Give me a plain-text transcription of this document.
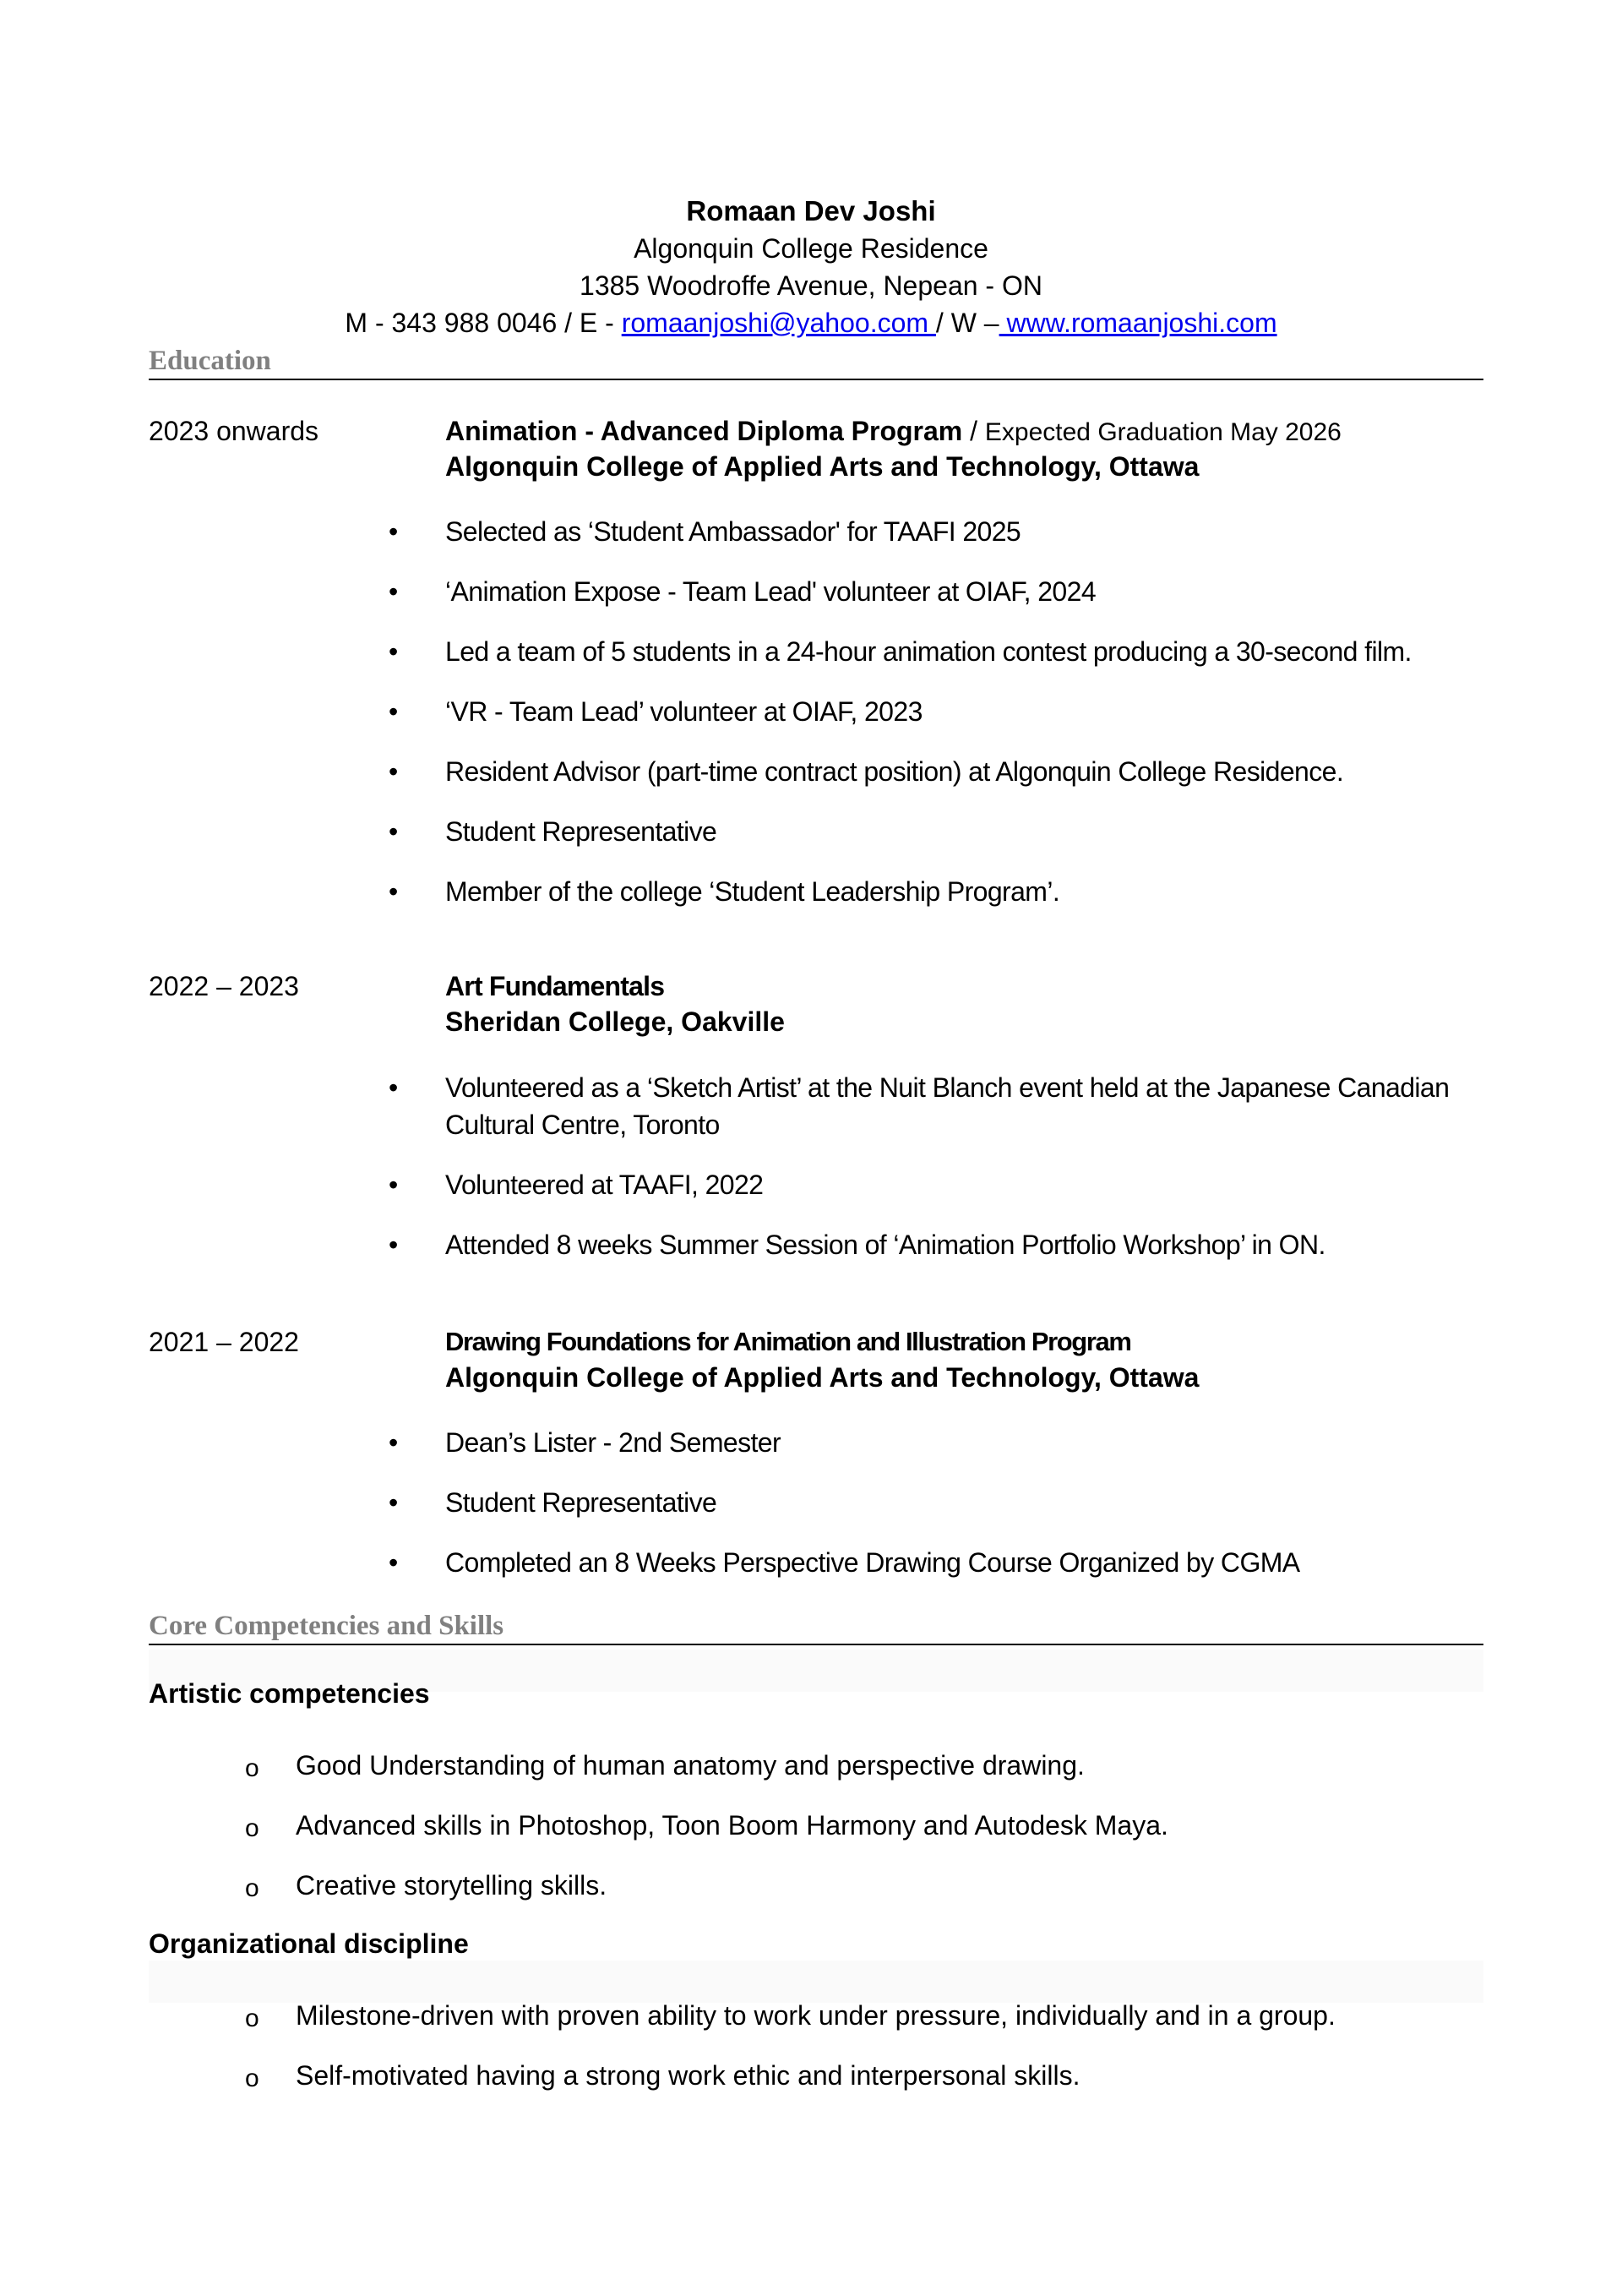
Romaan Dev Joshi
Algonquin College Residence
1385 Woodroffe Avenue, Nepean - ON
M - 343 988 0046 / E - romaanjoshi@yahoo.com / W – www.romaanjoshi.com
Education
2023 onwards	Animation - Advanced Diploma Program / Expected Graduation May 2026
Algonquin College of Applied Arts and Technology, Ottawa
•	Selected as ‘Student Ambassador' for TAAFI 2025
•	‘Animation Expose - Team Lead' volunteer at OIAF, 2024
•	Led a team of 5 students in a 24-hour animation contest producing a 30-second film.
•	‘VR - Team Lead’ volunteer at OIAF, 2023
•	Resident Advisor (part-time contract position) at Algonquin College Residence.
•	Student Representative
•	Member of the college ‘Student Leadership Program’.
2022 – 2023	Art Fundamentals
Sheridan College, Oakville
•	Volunteered as a ‘Sketch Artist’ at the Nuit Blanch event held at the Japanese Canadian Cultural Centre, Toronto
•	Volunteered at TAAFI, 2022
•	Attended 8 weeks Summer Session of ‘Animation Portfolio Workshop’ in ON.
2021 – 2022	Drawing Foundations for Animation and Illustration Program
Algonquin College of Applied Arts and Technology, Ottawa
•	Dean’s Lister - 2nd Semester
•	Student Representative
•	Completed an 8 Weeks Perspective Drawing Course Organized by CGMA
Core Competencies and Skills
Artistic competencies
o Good Understanding of human anatomy and perspective drawing.
o Advanced skills in Photoshop, Toon Boom Harmony and Autodesk Maya.
o Creative storytelling skills.
Organizational discipline
o Milestone-driven with proven ability to work under pressure, individually and in a group.
o Self-motivated having a strong work ethic and interpersonal skills.
